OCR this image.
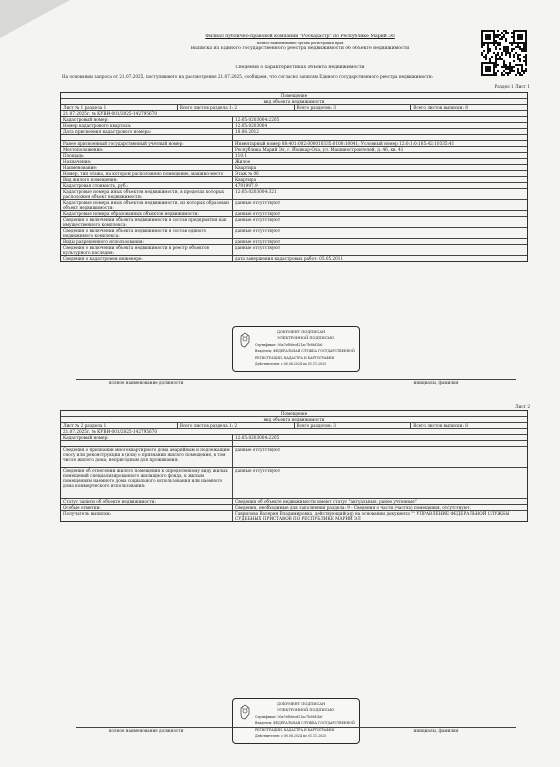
Филиал публично-правовой компании "Роскадастр" по Республике Марий Эл
полное наименование органа регистрации прав
Выписка из Единого государственного реестра недвижимости об объекте недвижимости
Сведения о характеристиках объекта недвижимости
На основании запроса от 21.07.2025, поступившего на рассмотрение 21.07.2025, сообщаем, что согласно записям Единого государственного реестра недвижимости:
Раздел 1 Лист 1
Помещение
вид объекта недвижимости
Лист № 1 раздела 1	Всего листов раздела 1: 2	Всего разделов: 3	Всего листов выписки: 8
21.07.2025г. № КУВИ-001/2025-142795670
Кадастровый номер:	12:05:0203004:2205
Номер кадастрового квартала:	12:05:0203004
Дата присвоения кадастрового номера:	18.06.2012
Ранее присвоенный государственный учетный номер:	Инвентарный номер 88:401:002:000010335:0100:10041; Условный номер 12:0:1:0:165:42:10335:41
Местоположение:	Республика Марий Эл, г. Йошкар-Ола, ул. Машиностроителей, д. 46, кв. 41
Площадь:	110.1
Назначение:	Жилое
Наименование:	Квартира
Номер, тип этажа, на котором расположено помещение, машино-место	Этаж № 06
Вид жилого помещения:	Квартира
Кадастровая стоимость, руб.:	4791997.9
Кадастровые номера иных объектов недвижимости, в пределах которых расположен объект недвижимости:
12:05:0203004:321
Кадастровые номера иных объектов недвижимости, из которых образован объект недвижимости:
данные отсутствуют
Кадастровые номера образованных объектов недвижимости:	данные отсутствуют
Сведения о включении объекта недвижимости в состав предприятия как имущественного комплекса:
данные отсутствуют
Сведения о включении объекта недвижимости в состав единого недвижимого комплекса:
данные отсутствуют
Виды разрешенного использования:	данные отсутствуют
Сведения о включении объекта недвижимости в реестр объектов культурного наследия:
данные отсутствуют
Сведения о кадастровом инженере:	дата завершения кадастровых работ: 05.05.2011
ДОКУМЕНТ ПОДПИСАН
ЭЛЕКТРОННОЙ ПОДПИСЬЮ
Сертификат: 00a7ef86ecd21ac7b98d2b6
Владелец: ФЕДЕРАЛЬНАЯ СЛУЖБА ГОСУДАРСТВЕННОЙ
РЕГИСТРАЦИИ, КАДАСТРА И КАРТОГРАФИИ
Действителен: с 08.08.2024 по 01.11.2025
полное наименование должности	инициалы, фамилия
Лист 2
Помещение
вид объекта недвижимости
Лист № 2 раздела 1	Всего листов раздела 1: 2	Всего разделов: 3	Всего листов выписки: 8
21.07.2025г. № КУВИ-001/2025-142795670
Кадастровый номер:	12:05:0203004:2205
Сведения о признании многоквартирного дома аварийным и подлежащим сносу или реконструкции в (или) о признании жилого помещения, в том числе жилого дома, непригодным для проживания:
данные отсутствуют
Сведения об отнесении жилого помещения к определенному виду жилых помещений специализированного жилищного фонда, к жилым помещениям наемного дома социального использования или наемного дома коммерческого использования:
данные отсутствуют
Статус записи об объекте недвижимости:	Сведения об объекте недвижимости имеют статус "актуальные, ранее учтенные"
Особые отметки:	Сведения, необходимые для заполнения раздела: 9 - Сведения о части (частях) помещения, отсутствуют.
Получатель выписки:	Гаврилова Валерия Владимировна, действующий(ая) на основании документа "" УПРАВЛЕНИЕ ФЕДЕРАЛЬНОЙ СЛУЖБЫ СУДЕБНЫХ ПРИСТАВОВ ПО РЕСПУБЛИКЕ МАРИЙ ЭЛ
ДОКУМЕНТ ПОДПИСАН
ЭЛЕКТРОННОЙ ПОДПИСЬЮ
Сертификат: 00a7ef86ecd21ac7b98d2b6
Владелец: ФЕДЕРАЛЬНАЯ СЛУЖБА ГОСУДАРСТВЕННОЙ
РЕГИСТРАЦИИ, КАДАСТРА И КАРТОГРАФИИ
Действителен: с 08.08.2024 по 01.11.2025
полное наименование должности	инициалы, фамилия
